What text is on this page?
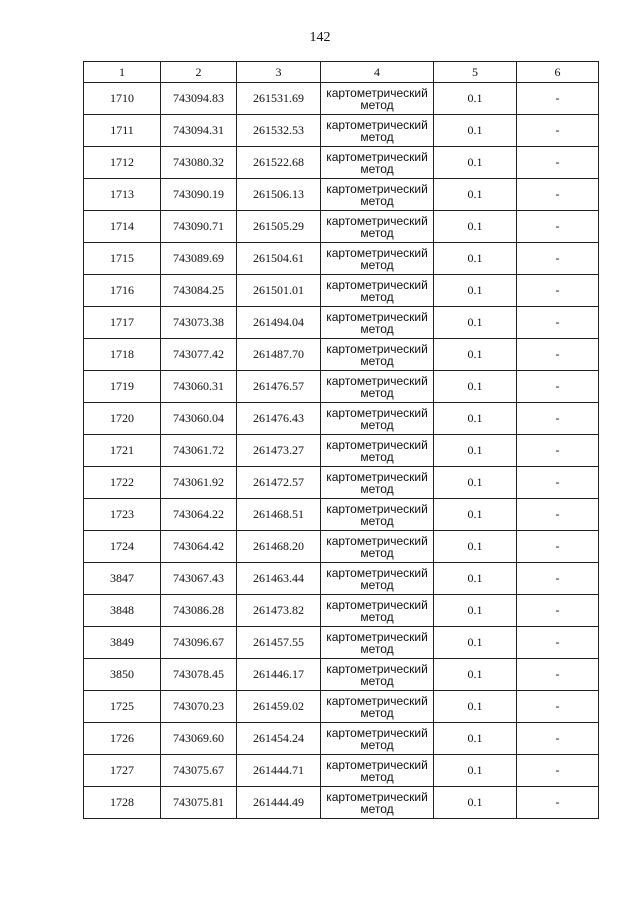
142
1	2	3	4	5	6
1710	743094.83	261531.69	картометрический метод	0.1	-
1711	743094.31	261532.53	картометрический метод	0.1	-
1712	743080.32	261522.68	картометрический метод	0.1	-
1713	743090.19	261506.13	картометрический метод	0.1	-
1714	743090.71	261505.29	картометрический метод	0.1	-
1715	743089.69	261504.61	картометрический метод	0.1	-
1716	743084.25	261501.01	картометрический метод	0.1	-
1717	743073.38	261494.04	картометрический метод	0.1	-
1718	743077.42	261487.70	картометрический метод	0.1	-
1719	743060.31	261476.57	картометрический метод	0.1	-
1720	743060.04	261476.43	картометрический метод	0.1	-
1721	743061.72	261473.27	картометрический метод	0.1	-
1722	743061.92	261472.57	картометрический метод	0.1	-
1723	743064.22	261468.51	картометрический метод	0.1	-
1724	743064.42	261468.20	картометрический метод	0.1	-
3847	743067.43	261463.44	картометрический метод	0.1	-
3848	743086.28	261473.82	картометрический метод	0.1	-
3849	743096.67	261457.55	картометрический метод	0.1	-
3850	743078.45	261446.17	картометрический метод	0.1	-
1725	743070.23	261459.02	картометрический метод	0.1	-
1726	743069.60	261454.24	картометрический метод	0.1	-
1727	743075.67	261444.71	картометрический метод	0.1	-
1728	743075.81	261444.49	картометрический метод	0.1	-
